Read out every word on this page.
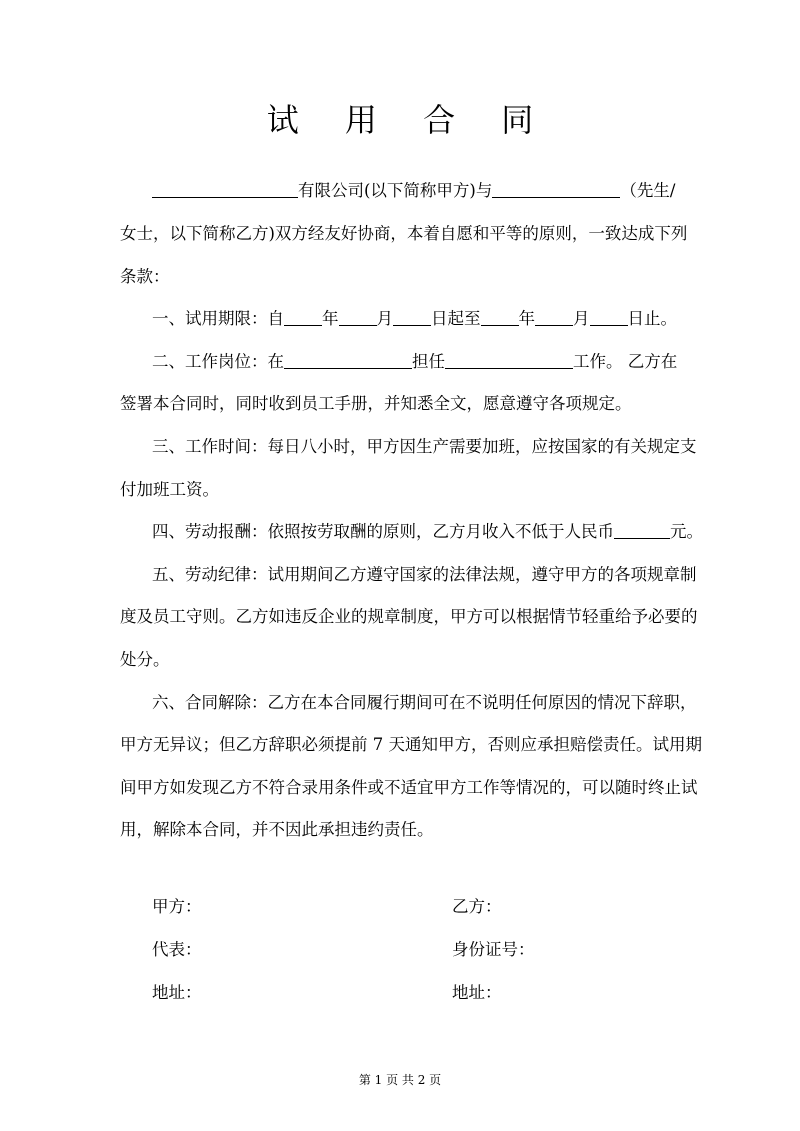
试 用 合 同
有限公司(以下简称甲方)与	（先生/
女士，以下简称乙方)双方经友好协商，本着自愿和平等的原则，一致达成下列
条款：
一、试用期限：自 年 月 日起至 年 月 日止。
二、工作岗位：在	担任	工作。 乙方在
签署本合同时，同时收到员工手册，并知悉全文，愿意遵守各项规定。
三、工作时间：每日八小时，甲方因生产需要加班，应按国家的有关规定支
付加班工资。
四、劳动报酬：依照按劳取酬的原则，乙方月收入不低于人民币	元。
五、劳动纪律：试用期间乙方遵守国家的法律法规，遵守甲方的各项规章制
度及员工守则。乙方如违反企业的规章制度，甲方可以根据情节轻重给予必要的
处分。
六、合同解除：乙方在本合同履行期间可在不说明任何原因的情况下辞职，
甲方无异议；但乙方辞职必须提前 7 天通知甲方，否则应承担赔偿责任。试用期
间甲方如发现乙方不符合录用条件或不适宜甲方工作等情况的，可以随时终止试
用，解除本合同，并不因此承担违约责任。
甲方：	乙方：
代表：	身份证号：
地址：	地址：
第 1 页 共 2 页
